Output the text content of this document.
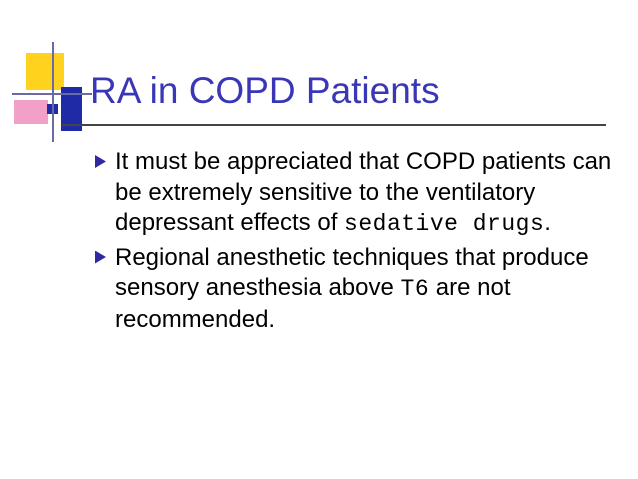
RA in COPD Patients
It must be appreciated that COPD patients can be extremely sensitive to the ventilatory depressant effects of sedative drugs.
Regional anesthetic techniques that produce sensory anesthesia above T6 are not recommended.
